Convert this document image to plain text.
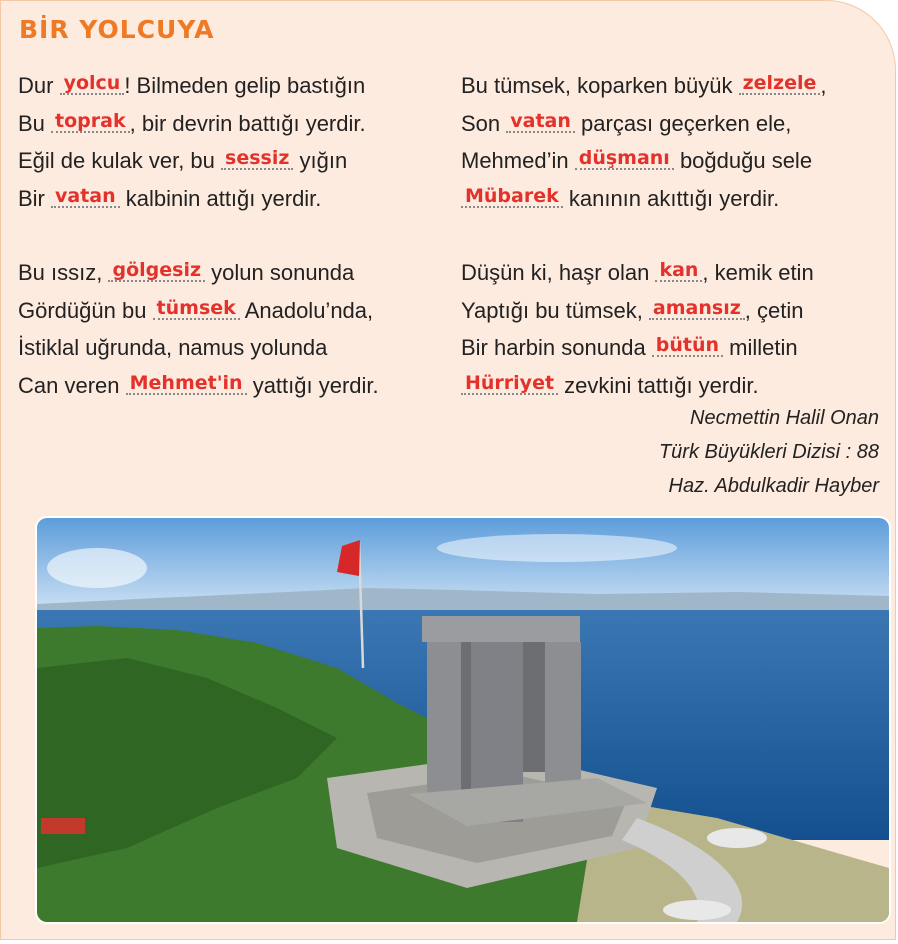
BİR YOLCUYA
Dur yolcu ! Bilmeden gelip bastığın
Bu toprak , bir devrin battığı yerdir.
Eğil de kulak ver, bu sessiz yığın
Bir vatan kalbinin attığı yerdir.
Bu ıssız, gölgesiz yolun sonunda
Gördüğün bu tümsek Anadolu’nda,
İstiklal uğrunda, namus yolunda
Can veren Mehmet'in yattığı yerdir.
Bu tümsek, koparken büyük zelzele ,
Son vatan parçası geçerken ele,
Mehmed’in düşmanı boğduğu sele
Mübarek kanının akıttığı yerdir.
Düşün ki, haşr olan kan , kemik etin
Yaptığı bu tümsek, amansız , çetin
Bir harbin sonunda bütün milletin
Hürriyet zevkini tattığı yerdir.
Necmettin Halil Onan
Türk Büyükleri Dizisi : 88
Haz. Abdulkadir Hayber
